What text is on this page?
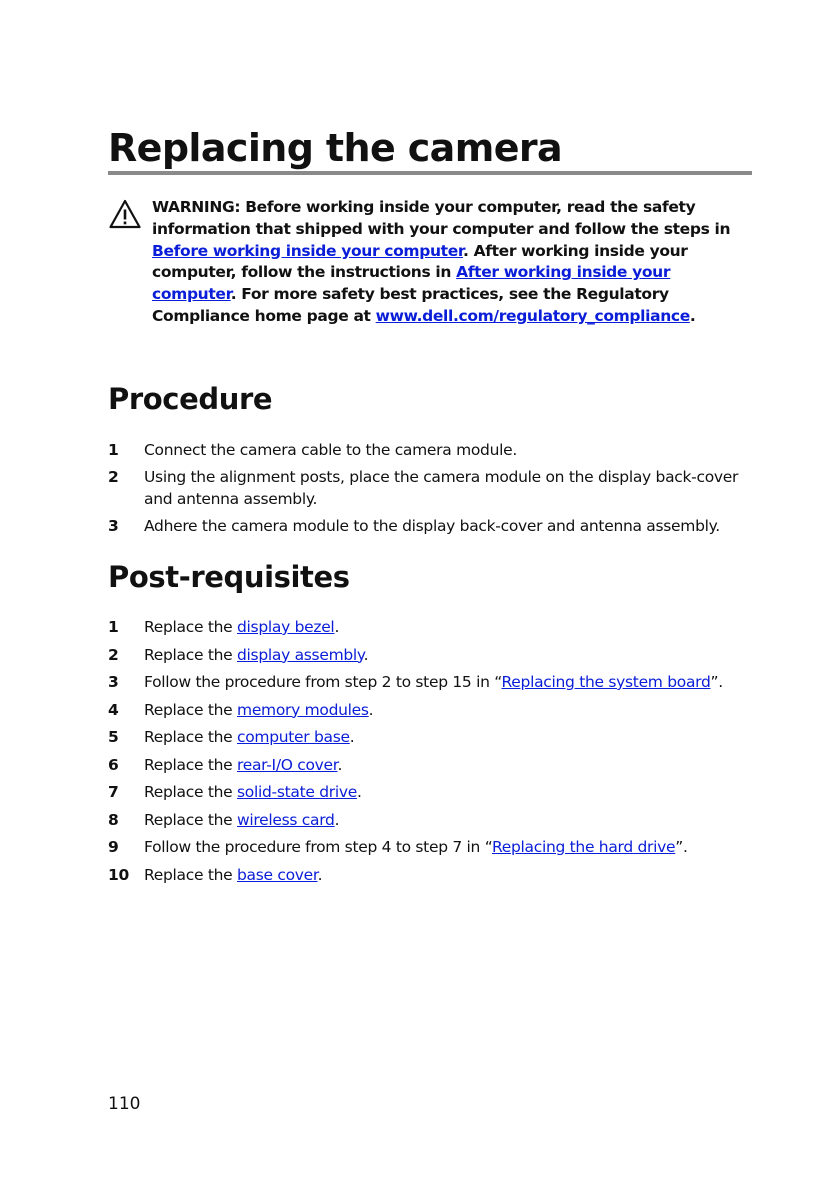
Replacing the camera
WARNING: Before working inside your computer, read the safety information that shipped with your computer and follow the steps in Before working inside your computer. After working inside your computer, follow the instructions in After working inside your computer. For more safety best practices, see the Regulatory Compliance home page at www.dell.com/regulatory_compliance.
Procedure
1 Connect the camera cable to the camera module.
2 Using the alignment posts, place the camera module on the display back-cover and antenna assembly.
3 Adhere the camera module to the display back-cover and antenna assembly.
Post-requisites
1 Replace the display bezel.
2 Replace the display assembly.
3 Follow the procedure from step 2 to step 15 in “Replacing the system board”.
4 Replace the memory modules.
5 Replace the computer base.
6 Replace the rear-I/O cover.
7 Replace the solid-state drive.
8 Replace the wireless card.
9 Follow the procedure from step 4 to step 7 in “Replacing the hard drive”.
10 Replace the base cover.
110
